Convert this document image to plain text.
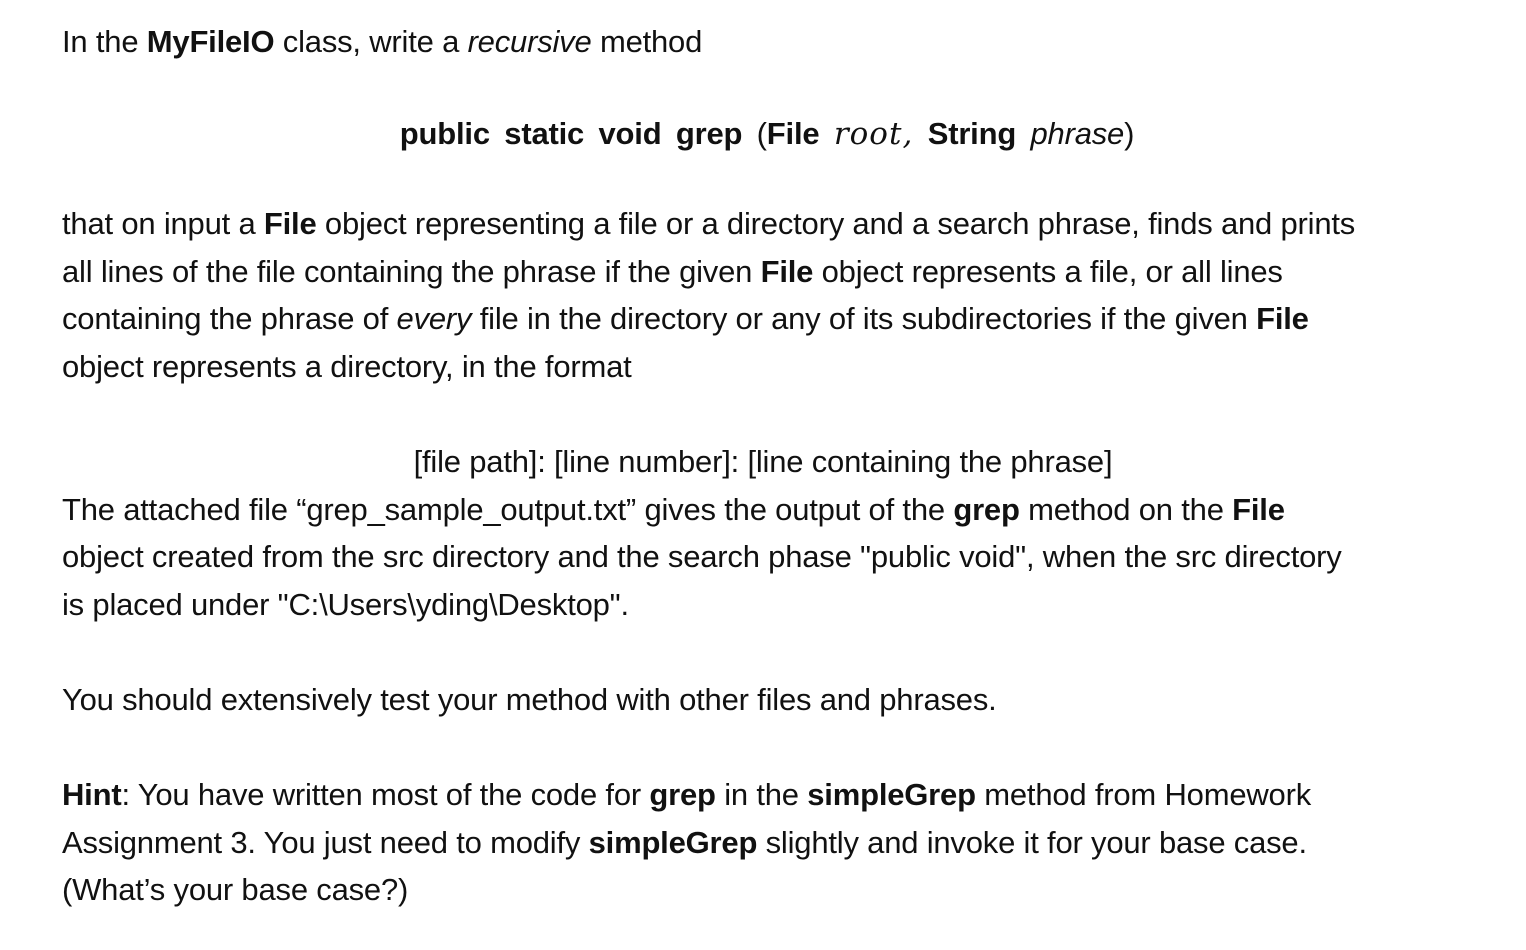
In the MyFileIO class, write a recursive method
public static void grep (File root, String phrase)
that on input a File object representing a file or a directory and a search phrase, finds and prints
all lines of the file containing the phrase if the given File object represents a file, or all lines
containing the phrase of every file in the directory or any of its subdirectories if the given File
object represents a directory, in the format
[file path]: [line number]: [line containing the phrase]
The attached file “grep_sample_output.txt” gives the output of the grep method on the File
object created from the src directory and the search phase "public void", when the src directory
is placed under "C:\Users\yding\Desktop".
You should extensively test your method with other files and phrases.
Hint: You have written most of the code for grep in the simpleGrep method from Homework
Assignment 3. You just need to modify simpleGrep slightly and invoke it for your base case.
(What’s your base case?)
